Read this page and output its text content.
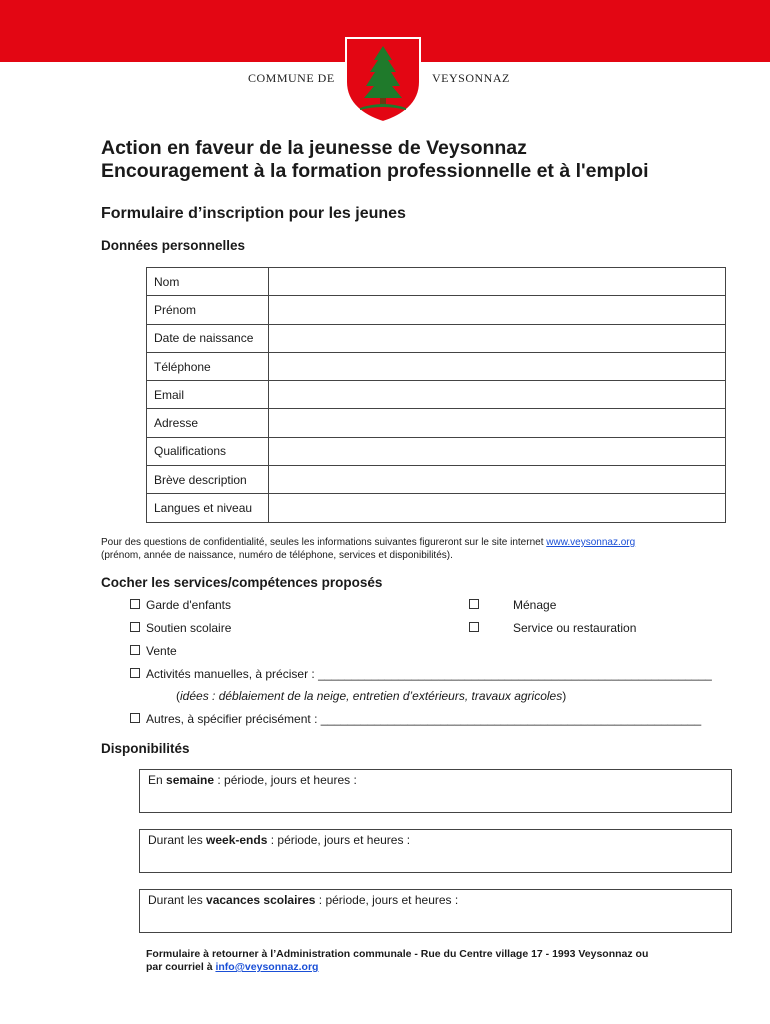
COMMUNE DE	VEYSONNAZ
Action en faveur de la jeunesse de Veysonnaz
Encouragement à la formation professionnelle et à l'emploi
Formulaire d’inscription pour les jeunes
Données personnelles
Nom	
Prénom	
Date de naissance	
Téléphone	
Email	
Adresse	
Qualifications	
Brève description	
Langues et niveau	
Pour des questions de confidentialité, seules les informations suivantes figureront sur le site internet www.veysonnaz.org
(prénom, année de naissance, numéro de téléphone, services et disponibilités).
Cocher les services/compétences proposés
Garde d'enfants	Ménage
Soutien scolaire	Service ou restauration
Vente
Activités manuelles, à préciser : ___________________________________________________________
(idées : déblaiement de la neige, entretien d’extérieurs, travaux agricoles)
Autres, à spécifier précisément : _________________________________________________________
Disponibilités
En semaine : période, jours et heures :
Durant les week-ends : période, jours et heures :
Durant les vacances scolaires : période, jours et heures :
Formulaire à retourner à l’Administration communale - Rue du Centre village 17 - 1993 Veysonnaz ou
par courriel à info@veysonnaz.org
